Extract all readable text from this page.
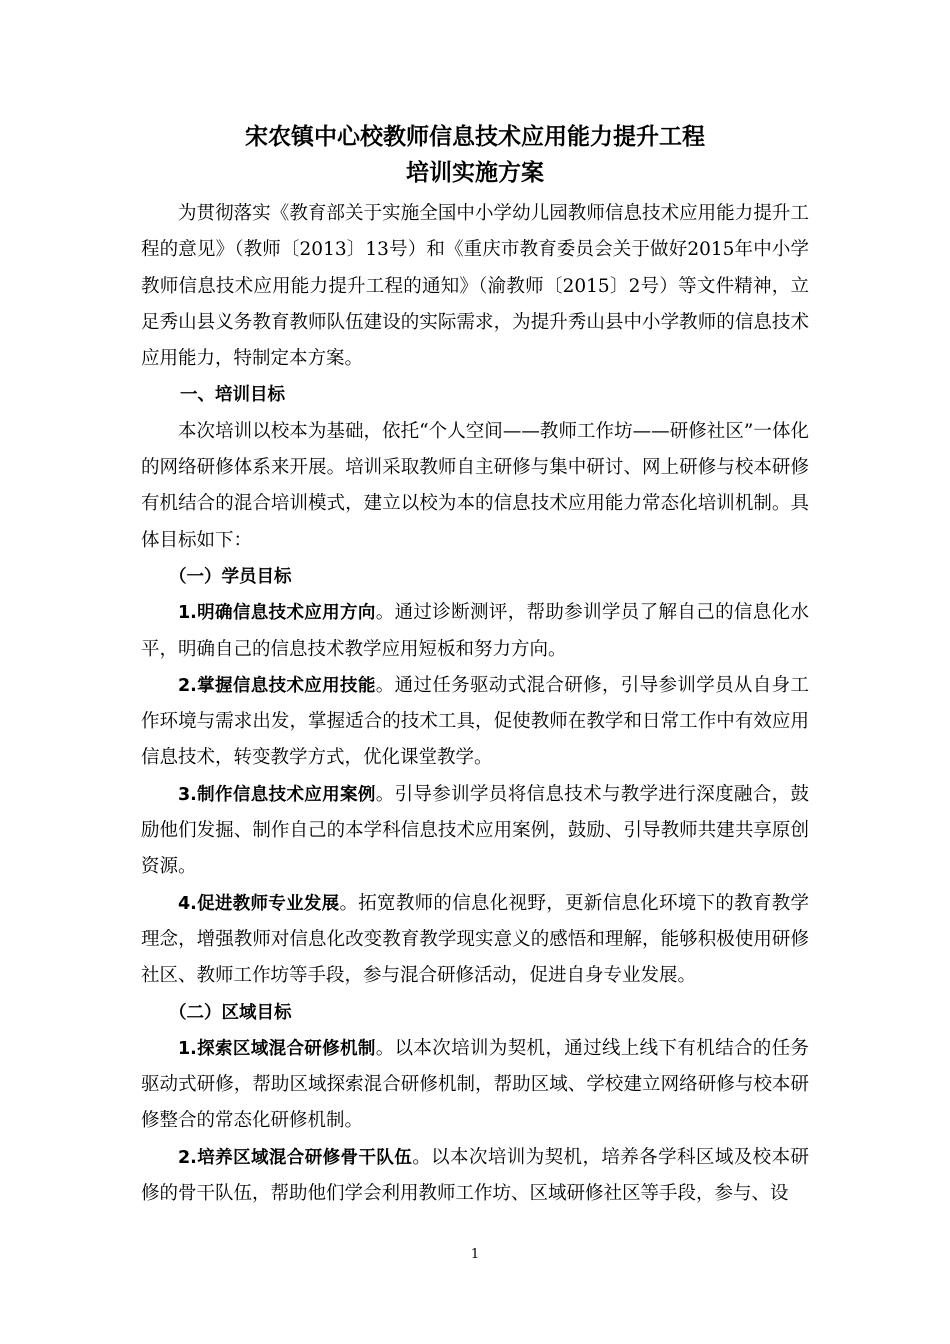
宋农镇中心校教师信息技术应用能力提升工程
培训实施方案

为贯彻落实《教育部关于实施全国中小学幼儿园教师信息技术应用能力提升工程的意见》（教师〔2013〕13号）和《重庆市教育委员会关于做好2015年中小学教师信息技术应用能力提升工程的通知》（渝教师〔2015〕2号）等文件精神，立足秀山县义务教育教师队伍建设的实际需求，为提升秀山县中小学教师的信息技术应用能力，特制定本方案。

一、培训目标

本次培训以校本为基础，依托“个人空间——教师工作坊——研修社区”一体化的网络研修体系来开展。培训采取教师自主研修与集中研讨、网上研修与校本研修有机结合的混合培训模式，建立以校为本的信息技术应用能力常态化培训机制。具体目标如下：

（一）学员目标

1.明确信息技术应用方向。通过诊断测评，帮助参训学员了解自己的信息化水平，明确自己的信息技术教学应用短板和努力方向。

2.掌握信息技术应用技能。通过任务驱动式混合研修，引导参训学员从自身工作环境与需求出发，掌握适合的技术工具，促使教师在教学和日常工作中有效应用信息技术，转变教学方式，优化课堂教学。

3.制作信息技术应用案例。引导参训学员将信息技术与教学进行深度融合，鼓励他们发掘、制作自己的本学科信息技术应用案例，鼓励、引导教师共建共享原创资源。

4.促进教师专业发展。拓宽教师的信息化视野，更新信息化环境下的教育教学理念，增强教师对信息化改变教育教学现实意义的感悟和理解，能够积极使用研修社区、教师工作坊等手段，参与混合研修活动，促进自身专业发展。

（二）区域目标

1.探索区域混合研修机制。以本次培训为契机，通过线上线下有机结合的任务驱动式研修，帮助区域探索混合研修机制，帮助区域、学校建立网络研修与校本研修整合的常态化研修机制。

2.培养区域混合研修骨干队伍。以本次培训为契机，培养各学科区域及校本研修的骨干队伍，帮助他们学会利用教师工作坊、区域研修社区等手段，参与、设

1
